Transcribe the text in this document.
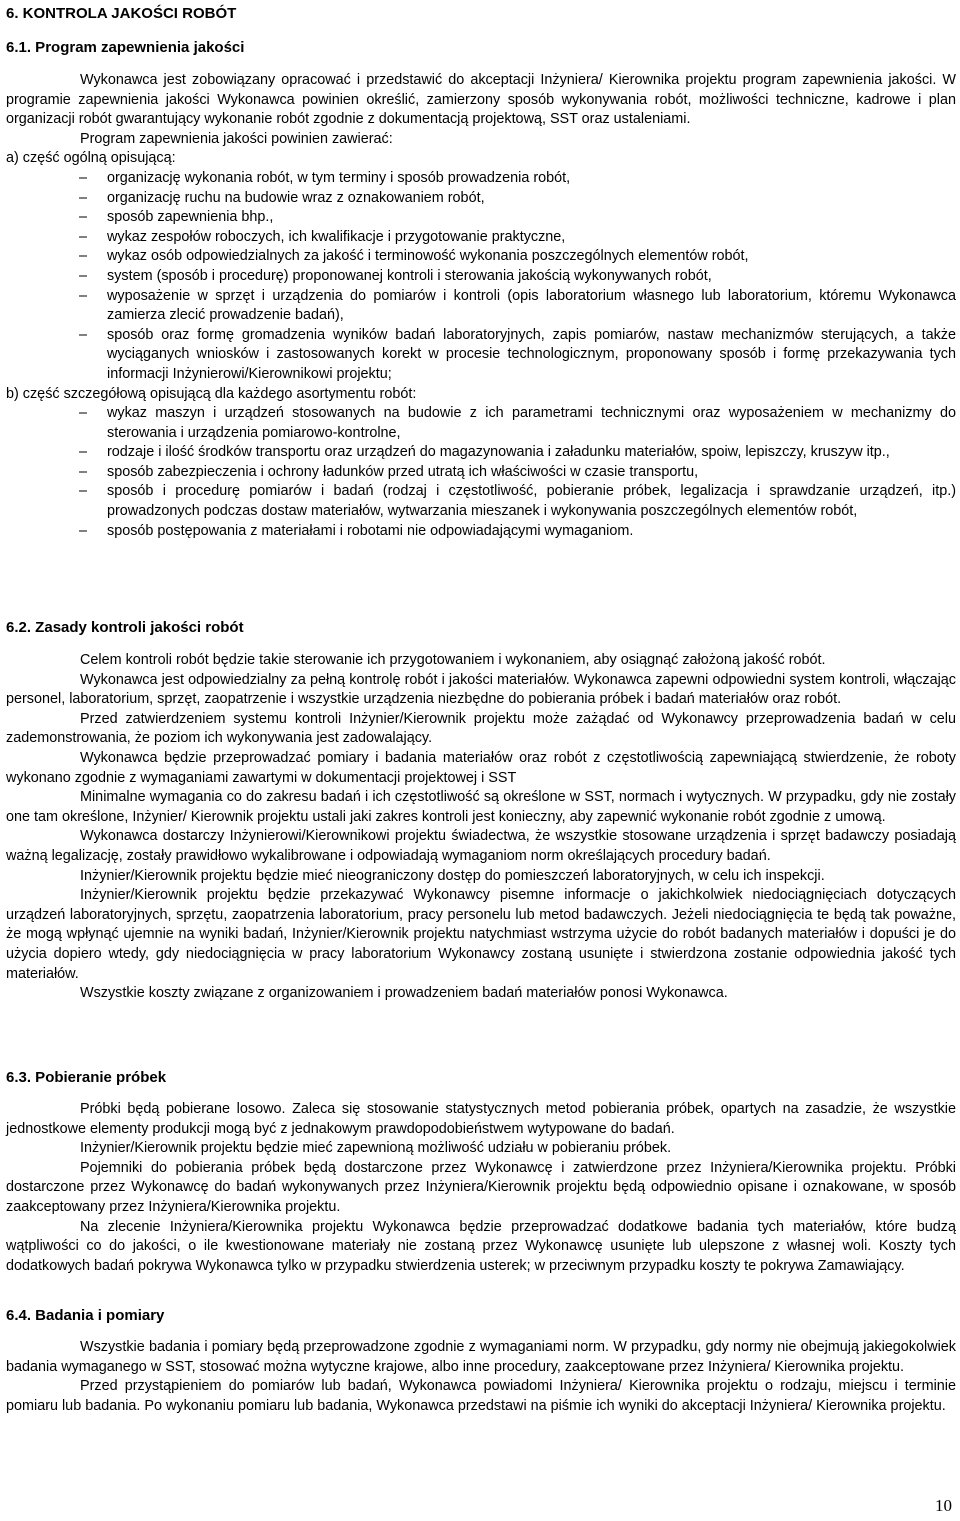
6. KONTROLA JAKOŚCI ROBÓT
6.1. Program zapewnienia jakości

Wykonawca jest zobowiązany opracować i przedstawić do akceptacji Inżyniera/ Kierownika projektu program zapewnienia jakości. W programie zapewnienia jakości Wykonawca powinien określić, zamierzony sposób wykonywania robót, możliwości techniczne, kadrowe i plan organizacji robót gwarantujący wykonanie robót zgodnie z dokumentacją projektową, SST oraz ustaleniami.

Program zapewnienia jakości powinien zawierać:

a) część ogólną opisującą:

– organizację wykonania robót, w tym terminy i sposób prowadzenia robót,
– organizację ruchu na budowie wraz z oznakowaniem robót,
– sposób zapewnienia bhp.,
– wykaz zespołów roboczych, ich kwalifikacje i przygotowanie praktyczne,
– wykaz osób odpowiedzialnych za jakość i terminowość wykonania poszczególnych elementów robót,
– system (sposób i procedurę) proponowanej kontroli i sterowania jakością wykonywanych robót,
– wyposażenie w sprzęt i urządzenia do pomiarów i kontroli (opis laboratorium własnego lub laboratorium, któremu Wykonawca zamierza zlecić prowadzenie badań),
– sposób oraz formę gromadzenia wyników badań laboratoryjnych, zapis pomiarów, nastaw mechanizmów sterujących, a także wyciąganych wniosków i zastosowanych korekt w procesie technologicznym, proponowany sposób i formę przekazywania tych informacji Inżynierowi/Kierownikowi projektu;

b) część szczegółową opisującą dla każdego asortymentu robót:

– wykaz maszyn i urządzeń stosowanych na budowie z ich parametrami technicznymi oraz wyposażeniem w mechanizmy do sterowania i urządzenia pomiarowo-kontrolne,
– rodzaje i ilość środków transportu oraz urządzeń do magazynowania i załadunku materiałów, spoiw, lepiszczy, kruszyw itp.,
– sposób zabezpieczenia i ochrony ładunków przed utratą ich właściwości w czasie transportu,
– sposób i procedurę pomiarów i badań (rodzaj i częstotliwość, pobieranie próbek, legalizacja i sprawdzanie urządzeń, itp.) prowadzonych podczas dostaw materiałów, wytwarzania mieszanek i wykonywania poszczególnych elementów robót,
– sposób postępowania z materiałami i robotami nie odpowiadającymi wymaganiom.
6.2. Zasady kontroli jakości robót

Celem kontroli robót będzie takie sterowanie ich przygotowaniem i wykonaniem, aby osiągnąć założoną jakość robót.

Wykonawca jest odpowiedzialny za pełną kontrolę robót i jakości materiałów. Wykonawca zapewni odpowiedni system kontroli, włączając personel, laboratorium, sprzęt, zaopatrzenie i wszystkie urządzenia niezbędne do pobierania próbek i badań materiałów oraz robót.

Przed zatwierdzeniem systemu kontroli Inżynier/Kierownik projektu może zażądać od Wykonawcy przeprowadzenia badań w celu zademonstrowania, że poziom ich wykonywania jest zadowalający.

Wykonawca będzie przeprowadzać pomiary i badania materiałów oraz robót z częstotliwością zapewniającą stwierdzenie, że roboty wykonano zgodnie z wymaganiami zawartymi w dokumentacji projektowej i SST

Minimalne wymagania co do zakresu badań i ich częstotliwość są określone w SST, normach i wytycznych. W przypadku, gdy nie zostały one tam określone, Inżynier/ Kierownik projektu ustali jaki zakres kontroli jest konieczny, aby zapewnić wykonanie robót zgodnie z umową.

Wykonawca dostarczy Inżynierowi/Kierownikowi projektu świadectwa, że wszystkie stosowane urządzenia i sprzęt badawczy posiadają ważną legalizację, zostały prawidłowo wykalibrowane i odpowiadają wymaganiom norm określających procedury badań.

Inżynier/Kierownik projektu będzie mieć nieograniczony dostęp do pomieszczeń laboratoryjnych, w celu ich inspekcji.

Inżynier/Kierownik projektu będzie przekazywać Wykonawcy pisemne informacje o jakichkolwiek niedociągnięciach dotyczących urządzeń laboratoryjnych, sprzętu, zaopatrzenia laboratorium, pracy personelu lub metod badawczych. Jeżeli niedociągnięcia te będą tak poważne, że mogą wpłynąć ujemnie na wyniki badań, Inżynier/Kierownik projektu natychmiast wstrzyma użycie do robót badanych materiałów i dopuści je do użycia dopiero wtedy, gdy niedociągnięcia w pracy laboratorium Wykonawcy zostaną usunięte i stwierdzona zostanie odpowiednia jakość tych materiałów.

Wszystkie koszty związane z organizowaniem i prowadzeniem badań materiałów ponosi Wykonawca.

6.3. Pobieranie próbek

Próbki będą pobierane losowo. Zaleca się stosowanie statystycznych metod pobierania próbek, opartych na zasadzie, że wszystkie jednostkowe elementy produkcji mogą być z jednakowym prawdopodobieństwem wytypowane do badań.

Inżynier/Kierownik projektu będzie mieć zapewnioną możliwość udziału w pobieraniu próbek.

Pojemniki do pobierania próbek będą dostarczone przez Wykonawcę i zatwierdzone przez Inżyniera/Kierownika projektu. Próbki dostarczone przez Wykonawcę do badań wykonywanych przez Inżyniera/Kierownik projektu będą odpowiednio opisane i oznakowane, w sposób zaakceptowany przez Inżyniera/Kierownika projektu.

Na zlecenie Inżyniera/Kierownika projektu Wykonawca będzie przeprowadzać dodatkowe badania tych materiałów, które budzą wątpliwości co do jakości, o ile kwestionowane materiały nie zostaną przez Wykonawcę usunięte lub ulepszone z własnej woli. Koszty tych dodatkowych badań pokrywa Wykonawca tylko w przypadku stwierdzenia usterek; w przeciwnym przypadku koszty te pokrywa Zamawiający.

6.4. Badania i pomiary

Wszystkie badania i pomiary będą przeprowadzone zgodnie z wymaganiami norm. W przypadku, gdy normy nie obejmują jakiegokolwiek badania wymaganego w SST, stosować można wytyczne krajowe, albo inne procedury, zaakceptowane przez Inżyniera/ Kierownika projektu.

Przed przystąpieniem do pomiarów lub badań, Wykonawca powiadomi Inżyniera/ Kierownika projektu o rodzaju, miejscu i terminie pomiaru lub badania. Po wykonaniu pomiaru lub badania, Wykonawca przedstawi na piśmie ich wyniki do akceptacji Inżyniera/ Kierownika projektu.

10
